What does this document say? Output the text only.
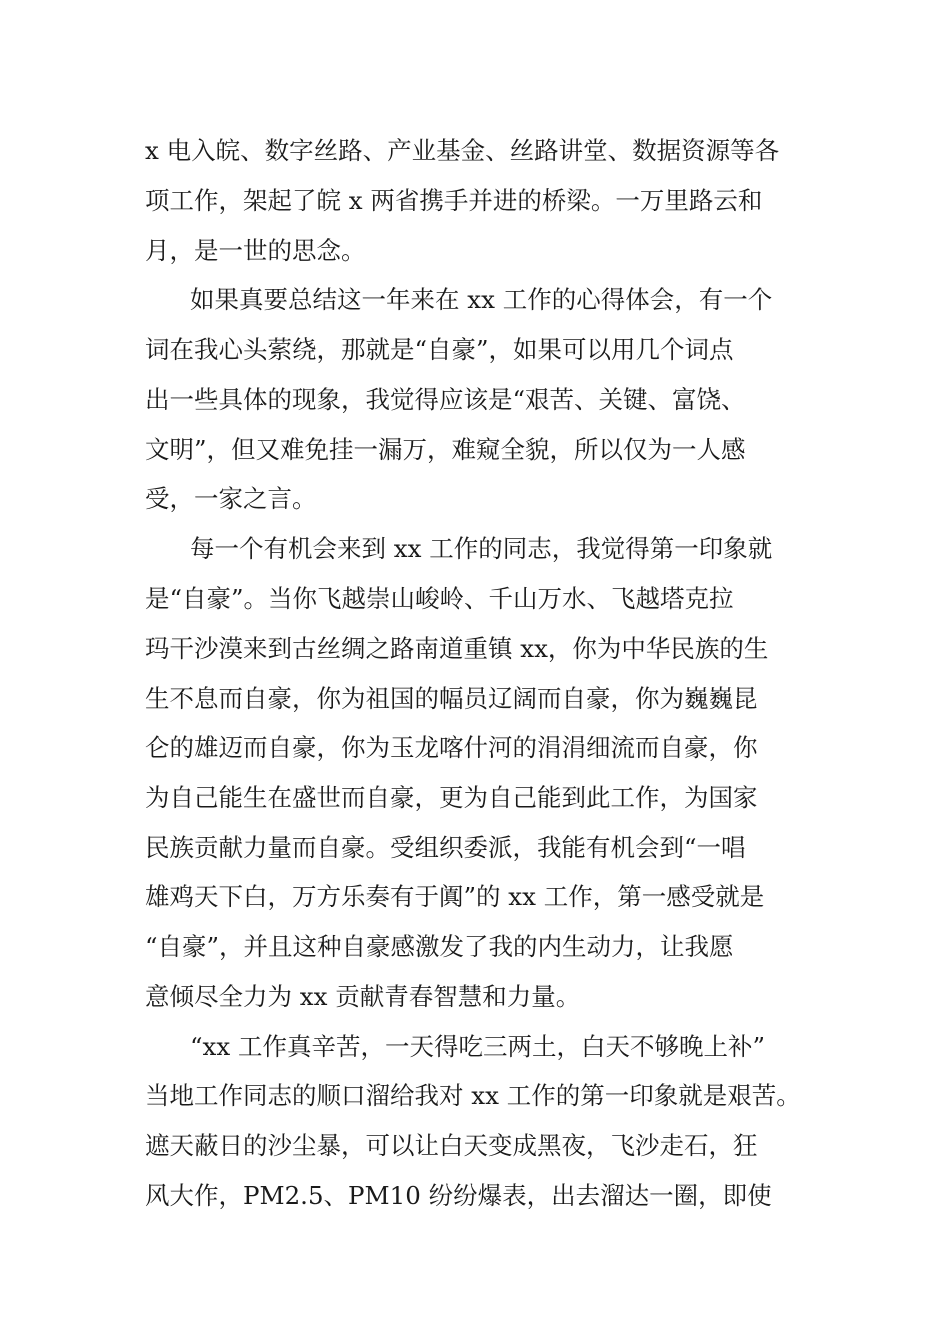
x 电入皖、数字丝路、产业基金、丝路讲堂、数据资源等各

项工作，架起了皖 x 两省携手并进的桥梁。一万里路云和

月，是一世的思念。

如果真要总结这一年来在 xx 工作的心得体会，有一个

词在我心头萦绕，那就是“自豪”，如果可以用几个词点

出一些具体的现象，我觉得应该是“艰苦、关键、富饶、

文明”，但又难免挂一漏万，难窥全貌，所以仅为一人感

受，一家之言。

每一个有机会来到 xx 工作的同志，我觉得第一印象就

是“自豪”。当你飞越崇山峻岭、千山万水、飞越塔克拉

玛干沙漠来到古丝绸之路南道重镇 xx，你为中华民族的生

生不息而自豪，你为祖国的幅员辽阔而自豪，你为巍巍昆

仑的雄迈而自豪，你为玉龙喀什河的涓涓细流而自豪，你

为自己能生在盛世而自豪，更为自己能到此工作，为国家

民族贡献力量而自豪。受组织委派，我能有机会到“一唱

雄鸡天下白，万方乐奏有于阗”的 xx 工作，第一感受就是

“自豪”，并且这种自豪感激发了我的内生动力，让我愿

意倾尽全力为 xx 贡献青春智慧和力量。

“xx 工作真辛苦，一天得吃三两土，白天不够晚上补”

当地工作同志的顺口溜给我对 xx 工作的第一印象就是艰苦。

遮天蔽日的沙尘暴，可以让白天变成黑夜，飞沙走石，狂

风大作，PM2.5、PM10 纷纷爆表，出去溜达一圈，即使
